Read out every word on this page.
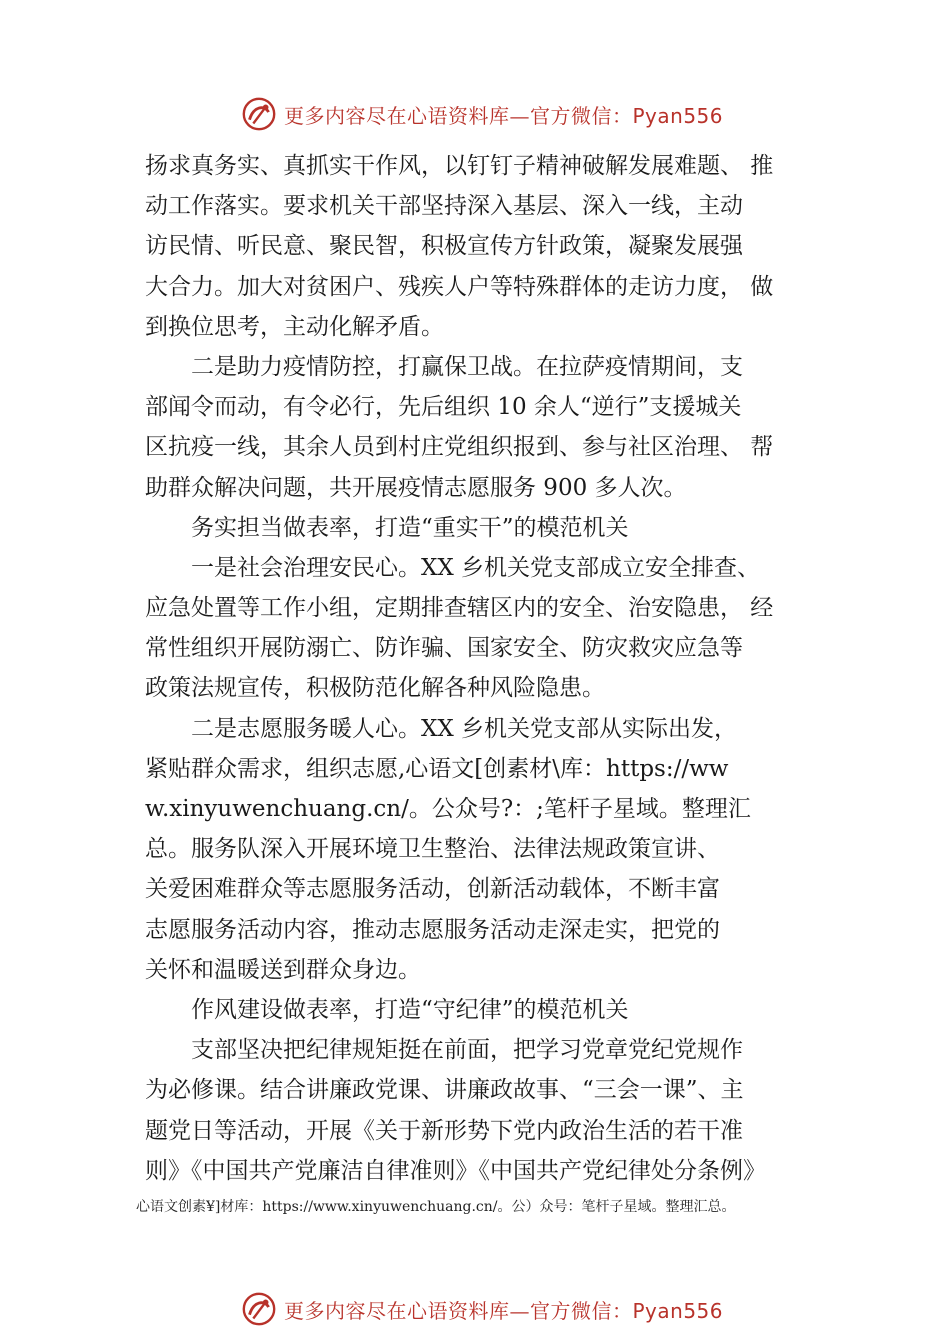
更多内容尽在心语资料库—官方微信：Pyan556
扬求真务实、真抓实干作风，以钉钉子精神破解发展难题、 推
动工作落实。要求机关干部坚持深入基层、深入一线，主动
访民情、听民意、聚民智，积极宣传方针政策，凝聚发展强
大合力。加大对贫困户、残疾人户等特殊群体的走访力度， 做
到换位思考，主动化解矛盾。
　　二是助力疫情防控，打赢保卫战。在拉萨疫情期间，支
部闻令而动，有令必行，先后组织 10 余人“逆行”支援城关
区抗疫一线，其余人员到村庄党组织报到、参与社区治理、 帮
助群众解决问题，共开展疫情志愿服务 900 多人次。
　　务实担当做表率，打造“重实干”的模范机关
　　一是社会治理安民心。XX 乡机关党支部成立安全排查、
应急处置等工作小组，定期排查辖区内的安全、治安隐患， 经
常性组织开展防溺亡、防诈骗、国家安全、防灾救灾应急等
政策法规宣传，积极防范化解各种风险隐患。
　　二是志愿服务暖人心。XX 乡机关党支部从实际出发，
紧贴群众需求，组织志愿,心语文[创素材\库：https://ww
w.xinyuwenchuang.cn/。公众号?：;笔杆子星域。整理汇
总。服务队深入开展环境卫生整治、法律法规政策宣讲、
关爱困难群众等志愿服务活动，创新活动载体，不断丰富
志愿服务活动内容，推动志愿服务活动走深走实，把党的
关怀和温暖送到群众身边。
　　作风建设做表率，打造“守纪律”的模范机关
　　支部坚决把纪律规矩挺在前面，把学习党章党纪党规作
为必修课。结合讲廉政党课、讲廉政故事、“三会一课”、主
题党日等活动，开展《关于新形势下党内政治生活的若干准
则》《中国共产党廉洁自律准则》《中国共产党纪律处分条例》
心语文创素¥]材库：https://www.xinyuwenchuang.cn/。公）众号：笔杆子星域。整理汇总。
更多内容尽在心语资料库—官方微信：Pyan556
